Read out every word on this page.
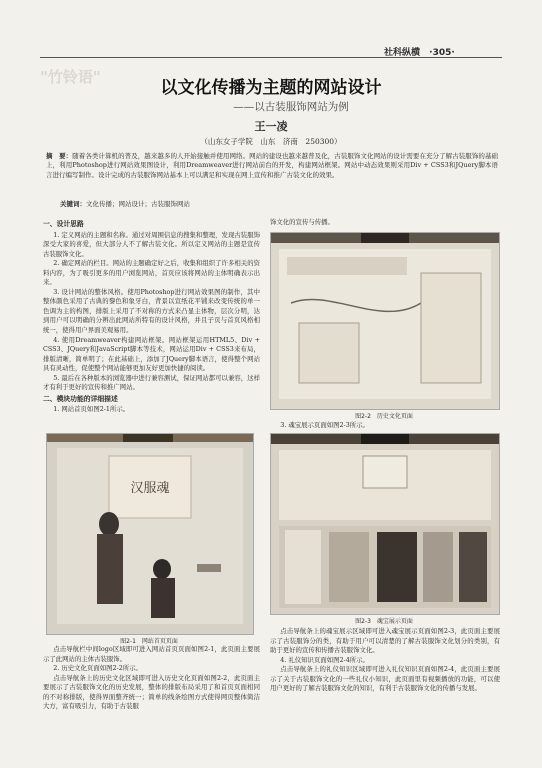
社科纵横 ·305·
"竹铃语"
以文化传播为主题的网站设计
——以古装服饰网站为例
王一凌
（山东女子学院　山东　济南　250300）
摘　要：随着各类计算机的普及，越来越多的人开始接触并使用网络。网站的建设也越来越普及化，古装服饰文化网站的设计需要在充分了解古装服饰的基础上，利用Photoshop进行网站效果图设计，利用Dreamweaver进行网站前台的开发，构建网站框架。网站中动态效果则采用Div + CSS3和JQuery脚本语言进行编写制作。设计完成的古装服饰网站基本上可以满足和实现在网上宣传和推广古装文化的效果。
关键词：文化传播；网站设计；古装服饰网站
一、设计思路

1. 定义网站的主题和名称。通过对周围信息的搜集和整理，发现古装服饰深受大家的喜爱，但大部分人不了解古装文化。所以定义网站的主题是宣传古装服饰文化。

2. 确定网站的栏目。网站的主题确定好之后，收集和组织了许多相关的资料内容，为了吸引更多的用户浏览网站，首页应该将网站的主体明确表示出来。

3. 设计网站的整体风格。使用Photoshop进行网站效果图的制作，其中整体颜色采用了古典的黎色和象牙白，背景以宣纸花平铺来改变传统的单一色调为主的构图，排版上采用了不对称的方式来凸显主体物，层次分明，达到用户可以明确的分辨出此网站所特有的设计风格，并且子页与首页风格相统一，使得用户界面美观易用。

4. 使用Dreamweaver构建网站框架。网站框架运用HTML5、Div + CSS3、JQuery和JavaScript脚本等技术，网站运用Div + CSS3来布局，排版清晰，简单明了；在此基础上，添加了JQuery脚本语言，使得整个网站具有灵动性，促使整个网站能够更加友好更加快捷的阅读。

5. 最后在各种版本的浏览器中进行兼容测试，保证网站都可以兼容，这样才有利于更好的宣传和推广网站。

二、模块功能的详细描述

1. 网站首页如图2-1所示。

汉服魂
图2-1　网站首页页面

点击导航栏中间logo区域即可进入网站首页页面如图2-1，此页面主要展示了此网站的主体古装服饰。

2. 历史文化页面如图2-2所示。

点击导航条上的历史文化区域即可进入历史文化页面如图2-2，此页面主要展示了古装服饰文化的历史发展，整体的排版布局采用了和首页页面相同的不对称排版，使得界面整齐统一；简单的线条绘图方式使得网页整体简洁大方，富有吸引力，有助于古装服

饰文化的宣传与传播。

图2-2　历史文化页面

3. 魂宝展示页面如图2-3所示。

图2-3　魂宝展示页面

点击导航条上的魂宝展示区域即可进入魂宝展示页面如图2-3，此页面主要展示了古装服饰分的类，有助于用户可以清楚的了解古装服饰文化划分的类别，有助于更好的宣传和传播古装服饰文化。

4. 礼仪知识页面如图2-4所示。

点击导航条上的礼仪知识区域即可进入礼仪知识页面如图2-4，此页面主要展示了关于古装服饰文化的一些礼仪小知识，此页面里有视频播放的功能，可以使用户更好的了解古装服饰文化的知识，有利于古装服饰文化的传播与发展。
